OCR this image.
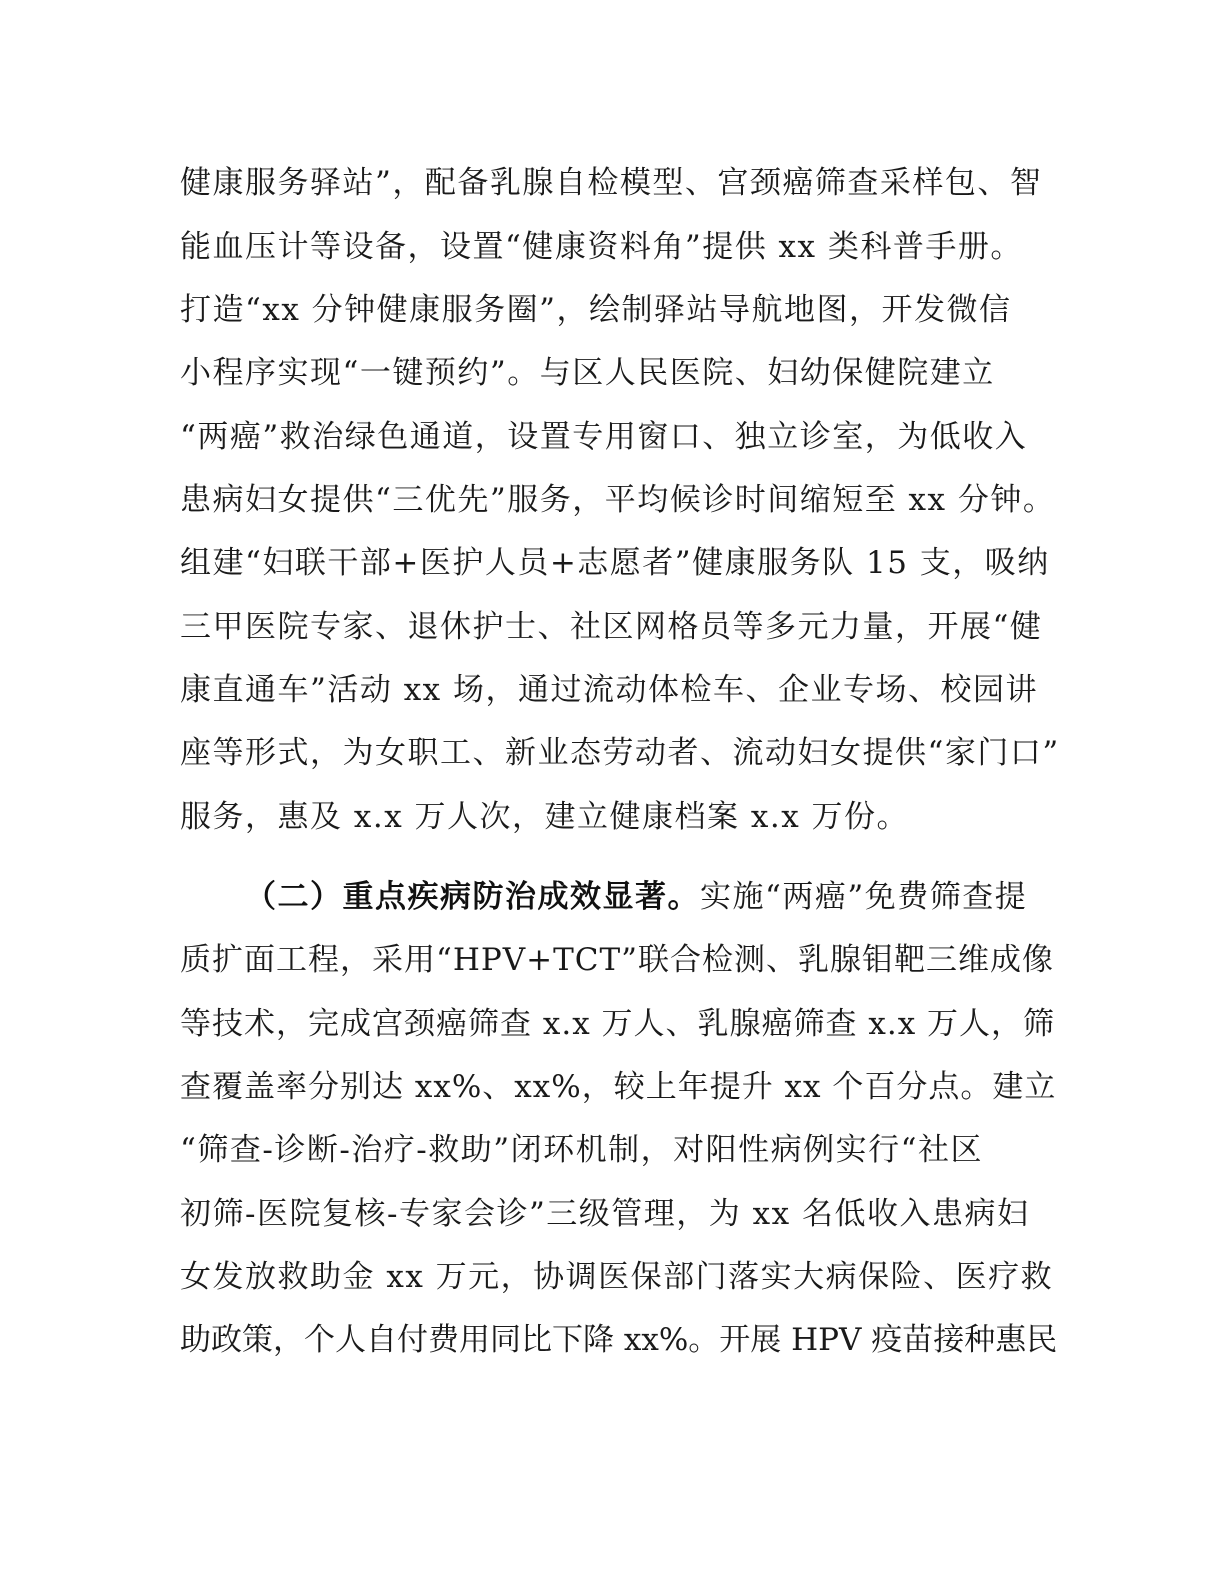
健康服务驿站”，配备乳腺自检模型、宫颈癌筛查采样包、智

能血压计等设备，设置“健康资料角”提供 xx 类科普手册。

打造“xx 分钟健康服务圈”，绘制驿站导航地图，开发微信

小程序实现“一键预约”。与区人民医院、妇幼保健院建立

“两癌”救治绿色通道，设置专用窗口、独立诊室，为低收入

患病妇女提供“三优先”服务，平均候诊时间缩短至 xx 分钟。

组建“妇联干部+医护人员+志愿者”健康服务队 15 支，吸纳

三甲医院专家、退休护士、社区网格员等多元力量，开展“健

康直通车”活动 xx 场，通过流动体检车、企业专场、校园讲

座等形式，为女职工、新业态劳动者、流动妇女提供“家门口”

服务，惠及 x.x 万人次，建立健康档案 x.x 万份。

（二）重点疾病防治成效显著。实施“两癌”免费筛查提

质扩面工程，采用“HPV+TCT”联合检测、乳腺钼靶三维成像

等技术，完成宫颈癌筛查 x.x 万人、乳腺癌筛查 x.x 万人，筛

查覆盖率分别达 xx%、xx%，较上年提升 xx 个百分点。建立

“筛查-诊断-治疗-救助”闭环机制，对阳性病例实行“社区

初筛-医院复核-专家会诊”三级管理，为 xx 名低收入患病妇

女发放救助金 xx 万元，协调医保部门落实大病保险、医疗救

助政策，个人自付费用同比下降 xx%。开展 HPV 疫苗接种惠民
